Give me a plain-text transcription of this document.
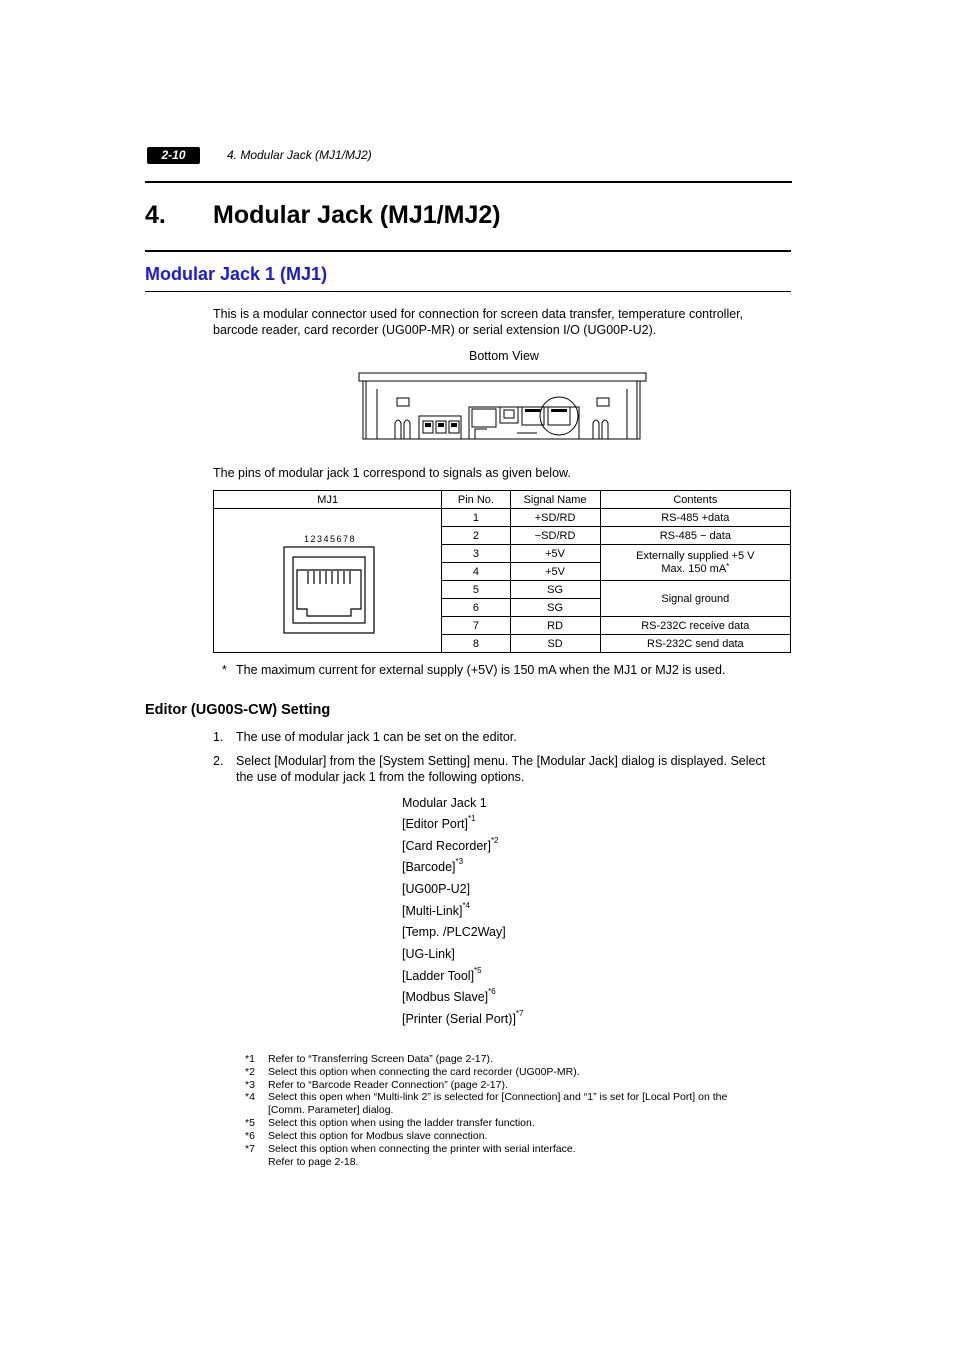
2-10	4. Modular Jack (MJ1/MJ2)
4. Modular Jack (MJ1/MJ2)
Modular Jack 1 (MJ1)
This is a modular connector used for connection for screen data transfer, temperature controller,
barcode reader, card recorder (UG00P-MR) or serial extension I/O (UG00P-U2).
Bottom View
The pins of modular jack 1 correspond to signals as given below.
MJ1	Pin No.	Signal Name	Contents

12345678	1	+SD/RD	RS-485 +data
	2	−SD/RD	RS-485 − data
	3	+5V	Externally supplied +5 V
Max. 150 mA*
	4	+5V	
	5	SG	Signal ground
	6	SG	
	7	RD	RS-232C receive data
	8	SD	RS-232C send data
* The maximum current for external supply (+5V) is 150 mA when the MJ1 or MJ2 is used.
Editor (UG00S-CW) Setting
1. The use of modular jack 1 can be set on the editor.
2. Select [Modular] from the [System Setting] menu. The [Modular Jack] dialog is displayed. Select
the use of modular jack 1 from the following options.
Modular Jack 1
[Editor Port]$^{*1}$
[Card Recorder]$^{*2}$
[Barcode]$^{*3}$
[UG00P-U2]
[Multi-Link]$^{*4}$
[Temp. /PLC2Way]
[UG-Link]
[Ladder Tool]$^{*5}$
[Modbus Slave]$^{*6}$
[Printer (Serial Port)]$^{*7}$
*1 Refer to “Transferring Screen Data” (page 2-17).
*2 Select this option when connecting the card recorder (UG00P-MR).
*3 Refer to “Barcode Reader Connection” (page 2-17).
*4 Select this open when “Multi-link 2” is selected for [Connection] and “1” is set for [Local Port] on the
[Comm. Parameter] dialog.
*5 Select this option when using the ladder transfer function.
*6 Select this option for Modbus slave connection.
*7 Select this option when connecting the printer with serial interface.
Refer to page 2-18.
